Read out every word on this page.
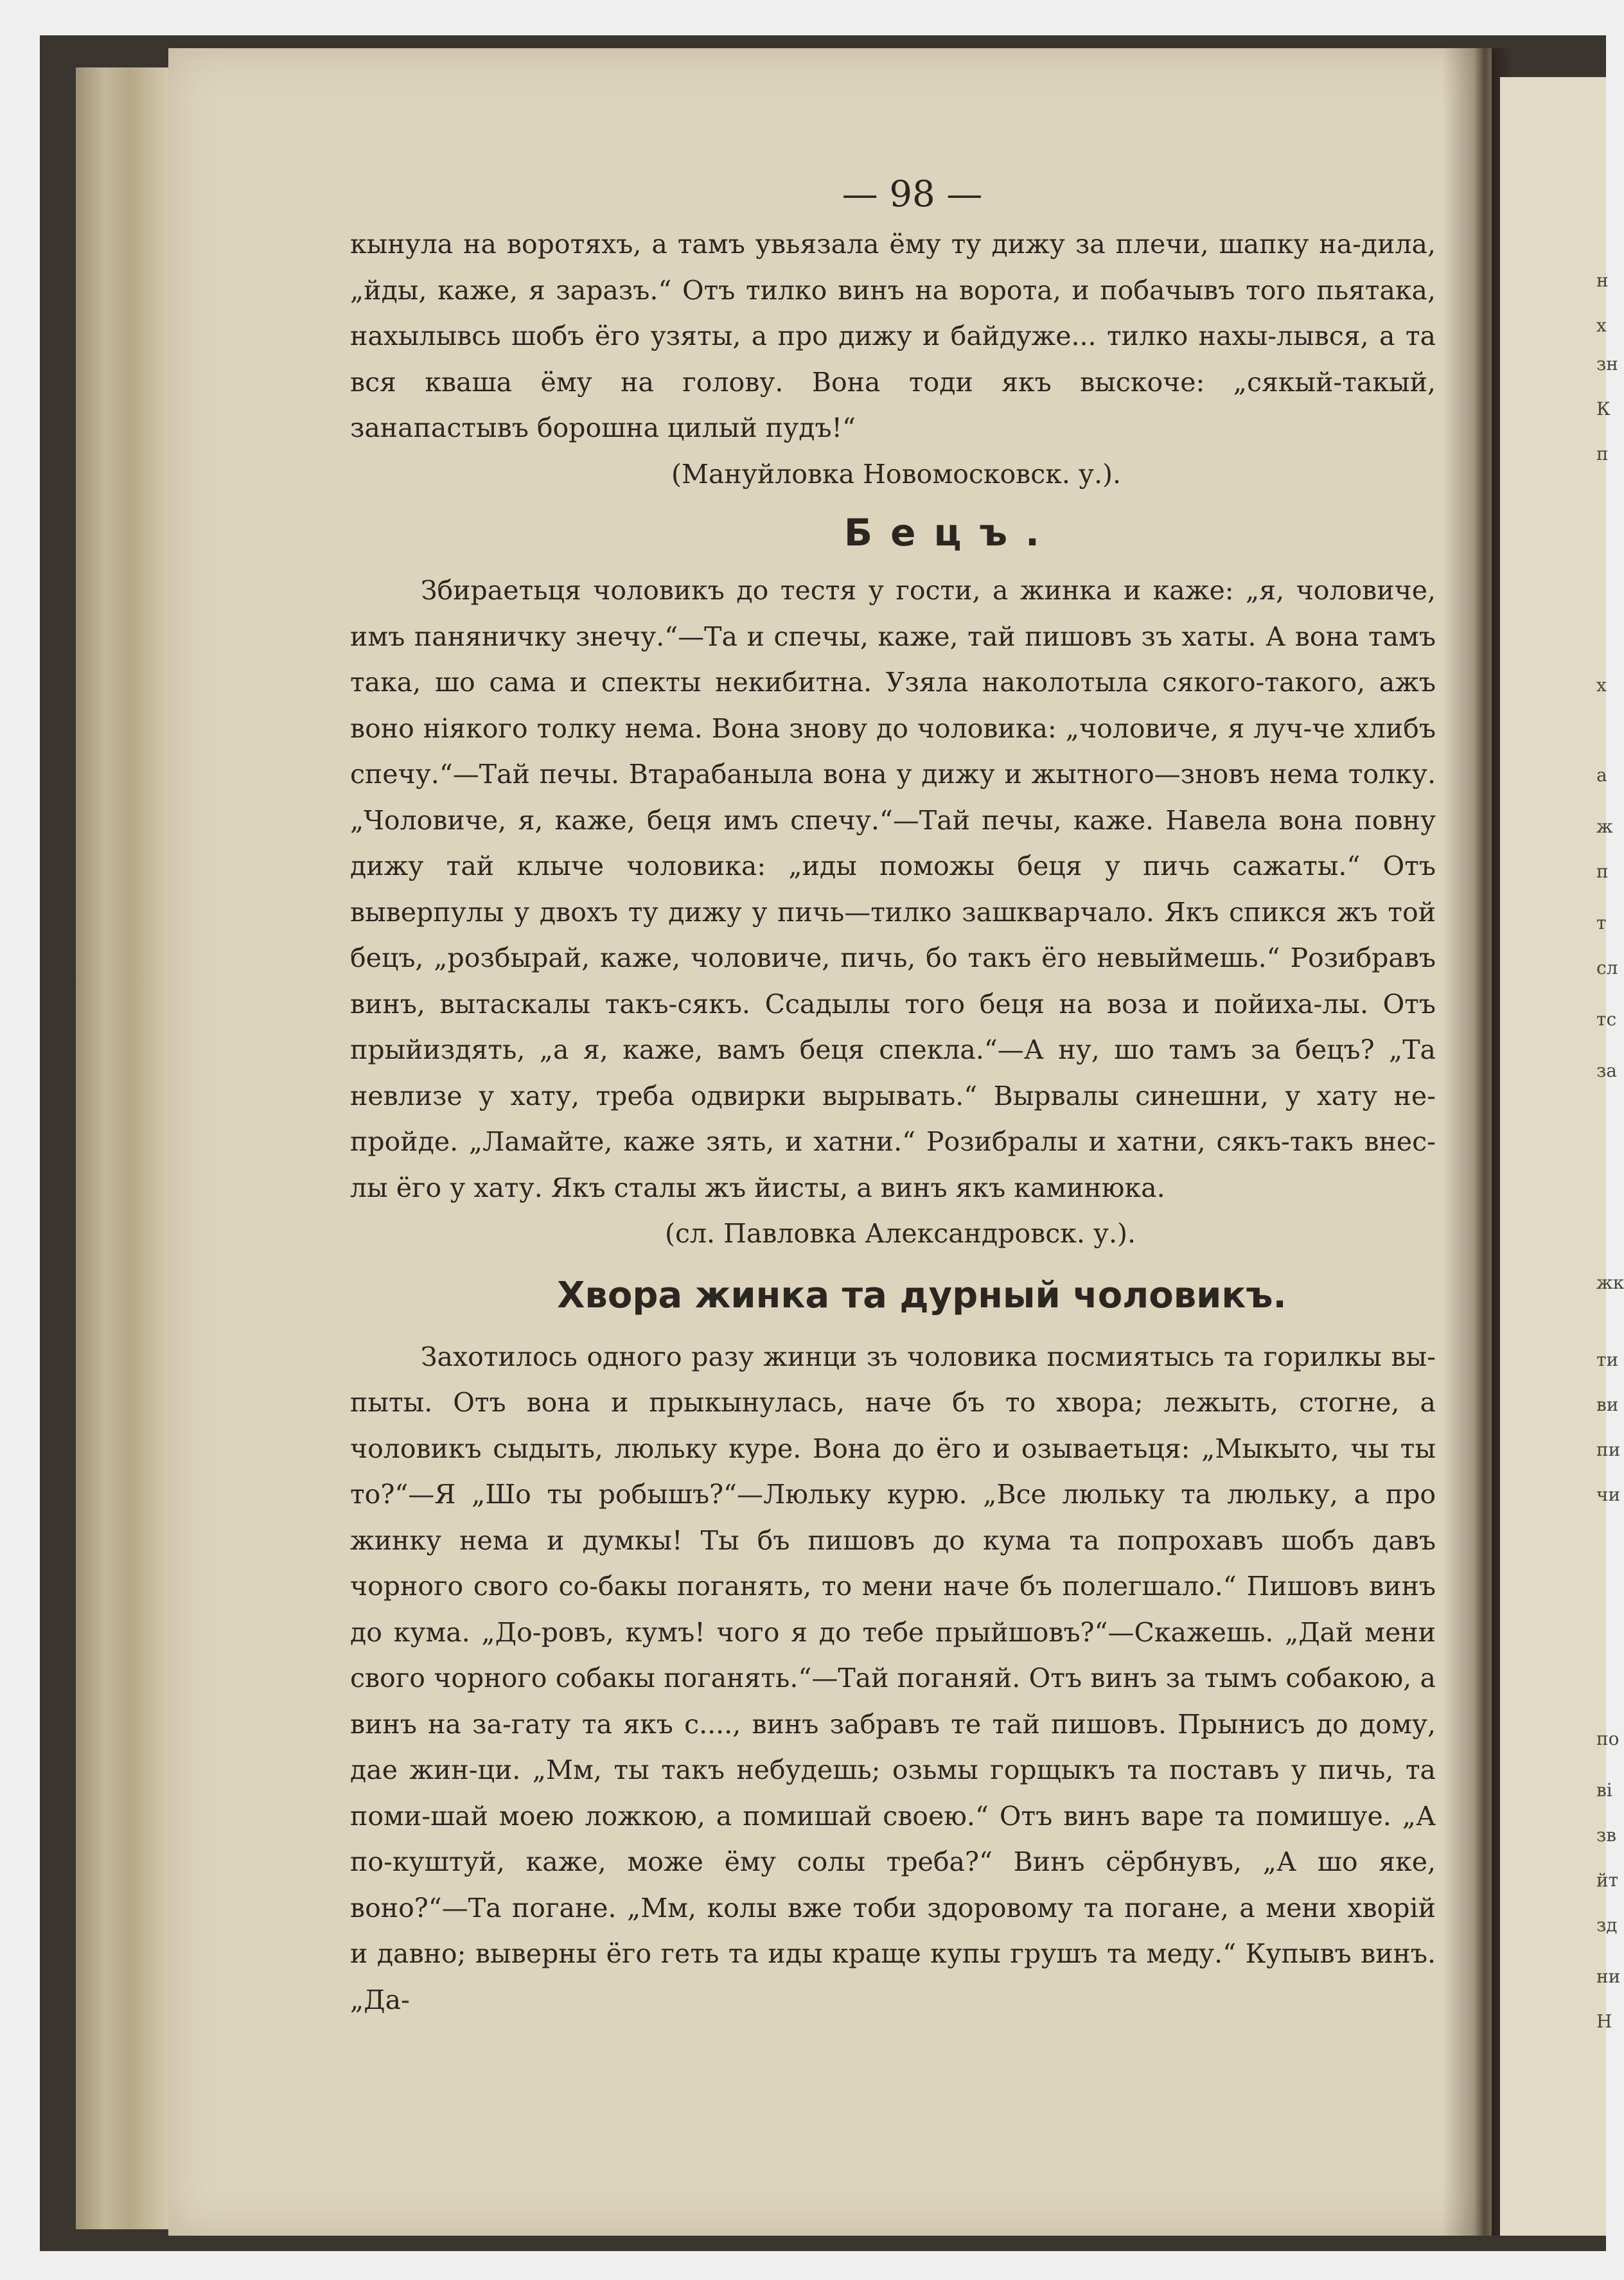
н
зн
К
п
х
а
ж
п
т
сл
тс
за
жк
ти
ви
пи
чи
по
ві
зв
йт
зд
ни
Н
х
— 98 —

кынула на воротяхъ, а тамъ увьязала ёму ту дижу за плечи, шапку на-дила, „йды, каже, я заразъ.“ Отъ тилко винъ на ворота, и побачывъ того пьятака, нахылывсь шобъ ёго узяты, а про дижу и байдуже... тилко нахы-лывся, а та вся кваша ёму на голову. Вона тоди якъ выскоче: „сякый-такый, занапастывъ борошна цилый пудъ!“

(Мануйловка Новомосковск. у.).
Бецъ.

Збираетьця чоловикъ до тестя у гости, а жинка и каже: „я, чоловиче, имъ паняничку знечу.“—Та и спечы, каже, тай пишовъ зъ хаты. А вона тамъ така, шо сама и спекты некибитна. Узяла наколотыла сякого-такого, ажъ воно ніякого толку нема. Вона знову до чоловика: „чоловиче, я луч-че хлибъ спечу.“—Тай печы. Втарабаныла вона у дижу и жытного—зновъ нема толку. „Чоловиче, я, каже, беця имъ спечу.“—Тай печы, каже. Навела вона повну дижу тай клыче чоловика: „иды поможы беця у пичь сажаты.“ Отъ выверпулы у двохъ ту дижу у пичь—тилко зашкварчало. Якъ спикся жъ той бецъ, „розбырай, каже, чоловиче, пичь, бо такъ ёго невыймешь.“ Розибравъ винъ, вытаскалы такъ-сякъ. Ссадылы того беця на воза и пойиха-лы. Отъ прыйиздять, „а я, каже, вамъ беця спекла.“—А ну, шо тамъ за бецъ? „Та невлизе у хату, треба одвирки вырывать.“ Вырвалы синешни, у хату не-пройде. „Ламайте, каже зять, и хатни.“ Розибралы и хатни, сякъ-такъ внес-лы ёго у хату. Якъ сталы жъ йисты, а винъ якъ каминюка.

(сл. Павловка Александровск. у.).
Хвора жинка та дурный чоловикъ.

Захотилось одного разу жинци зъ чоловика посмиятысь та горилкы вы-пыты. Отъ вона и прыкынулась, наче бъ то хвора; лежыть, стогне, а чоловикъ сыдыть, люльку куре. Вона до ёго и озываетьця: „Мыкыто, чы ты то?“—Я „Шо ты робышъ?“—Люльку курю. „Все люльку та люльку, а про жинку нема и думкы! Ты бъ пишовъ до кума та попрохавъ шобъ давъ чорного свого со-бакы поганять, то мени наче бъ полегшало.“ Пишовъ винъ до кума. „До-ровъ, кумъ! чого я до тебе прыйшовъ?“—Скажешь. „Дай мени свого чорного собакы поганять.“—Тай поганяй. Отъ винъ за тымъ собакою, а винъ на за-гату та якъ с...., винъ забравъ те тай пишовъ. Прынисъ до дому, дае жин-ци. „Мм, ты такъ небудешь; озьмы горщыкъ та поставъ у пичь, та поми-шай моею ложкою, а помишай своею.“ Отъ винъ варе та помишуе. „А по-куштуй, каже, може ёму солы треба?“ Винъ сёрбнувъ, „А шо яке, воно?“—Та погане. „Мм, колы вже тоби здоровому та погане, а мени хворій и давно; выверны ёго геть та иды краще купы грушъ та меду.“ Купывъ винъ. „Да-
